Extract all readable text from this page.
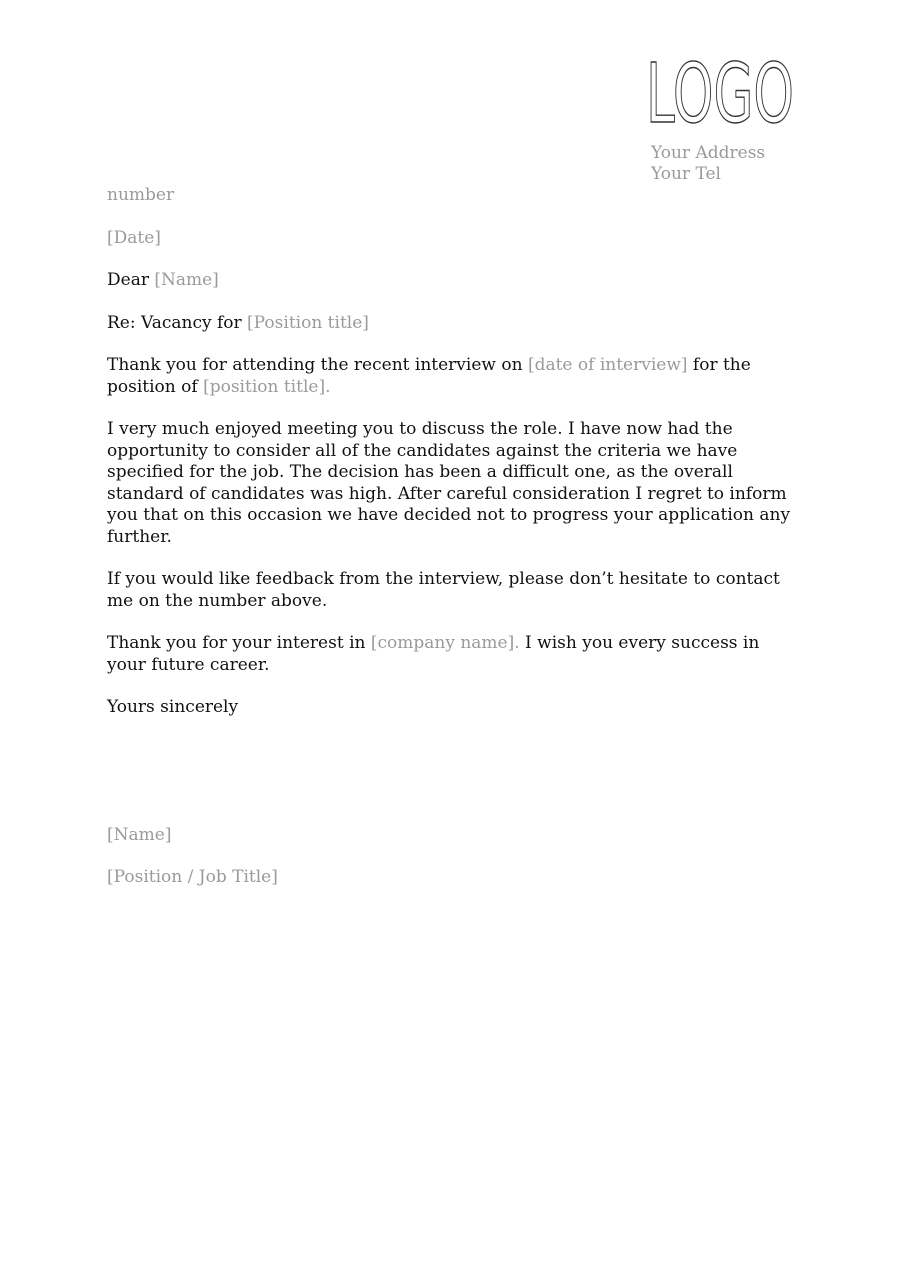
LOGO
Your Address
Your Tel

number

[Date]

Dear [Name]

Re: Vacancy for [Position title]

Thank you for attending the recent interview on [date of interview] for the position of [position title].

I very much enjoyed meeting you to discuss the role. I have now had the opportunity to consider all of the candidates against the criteria we have specified for the job. The decision has been a difficult one, as the overall standard of candidates was high. After careful consideration I regret to inform you that on this occasion we have decided not to progress your application any further.

If you would like feedback from the interview, please don’t hesitate to contact me on the number above.

Thank you for your interest in [company name]. I wish you every success in your future career.

Yours sincerely

[Name]

[Position / Job Title]
